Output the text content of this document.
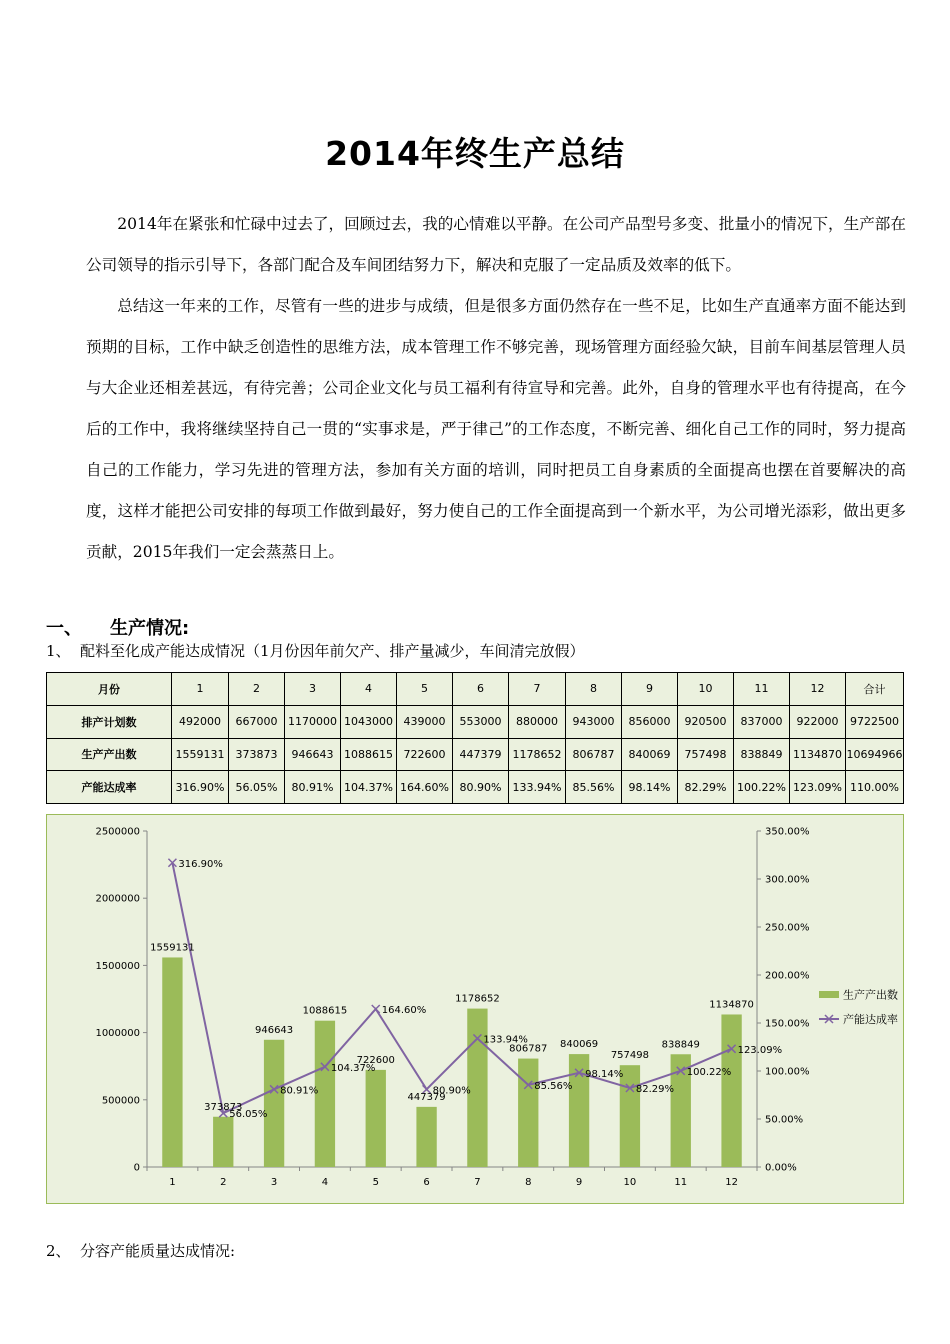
2014年终生产总结

2014年在紧张和忙碌中过去了，回顾过去，我的心情难以平静。在公司产品型号多变、批量小的情况下，生产部在公司领导的指示引导下，各部门配合及车间团结努力下，解决和克服了一定品质及效率的低下。

总结这一年来的工作，尽管有一些的进步与成绩，但是很多方面仍然存在一些不足，比如生产直通率方面不能达到预期的目标，工作中缺乏创造性的思维方法，成本管理工作不够完善，现场管理方面经验欠缺，目前车间基层管理人员与大企业还相差甚远，有待完善；公司企业文化与员工福利有待宣导和完善。此外，自身的管理水平也有待提高，在今后的工作中，我将继续坚持自己一贯的“实事求是，严于律己”的工作态度，不断完善、细化自己工作的同时，努力提高自己的工作能力，学习先进的管理方法，参加有关方面的培训，同时把员工自身素质的全面提高也摆在首要解决的高度，这样才能把公司安排的每项工作做到最好，努力使自己的工作全面提高到一个新水平，为公司增光添彩，做出更多贡献，2015年我们一定会蒸蒸日上。

一、 生产情况:
1、 配料至化成产能达成情况（1月份因年前欠产、排产量减少，车间清完放假）
月份	1	2	3	4	5	6	7	8	9	10	11	12	合计
排产计划数	492000	667000	1170000	1043000	439000	553000	880000	943000	856000	920500	837000	922000	9722500
生产产出数	1559131	373873	946643	1088615	722600	447379	1178652	806787	840069	757498	838849	1134870	10694966
产能达成率	316.90%	56.05%	80.91%	104.37%	164.60%	80.90%	133.94%	85.56%	98.14%	82.29%	100.22%	123.09%	110.00%
0
500000
1000000
1500000
2000000
2500000
0.00%
50.00%
100.00%
150.00%
200.00%
250.00%
300.00%
350.00%
1	2	3	4	5	6	7	8	9	10	11	12
1559131
373873
946643
1088615
722600
447379
1178652
806787 840069
757498
838849
1134870
316.90%
56.05%
80.91%
104.37%
164.60%
80.90%
133.94%
85.56%
98.14%
82.29%
100.22%
123.09%
生产产出数
产能达成率
2、 分容产能质量达成情况:
